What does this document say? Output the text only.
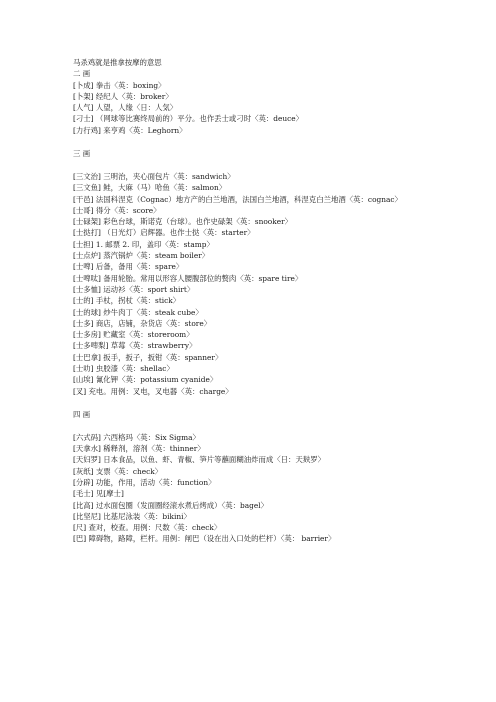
马杀鸡就是推拿按摩的意思
二 画
[卜成] 拳击〈英：boxing〉
[卜架] 经纪人〈英：broker〉
[人气] 人望，人缘〈日：人気〉
[刁士] （网球等比赛终局前的）平分。也作丢士或刁时〈英：deuce〉
[力行鸡] 来亨鸡〈英：Leghorn〉
三 画
[三文治] 三明治，夹心面包片〈英：sandwich〉
[三文鱼] 鲑，大麻（马）哈鱼〈英：salmon〉
[干邑] 法国科涅克（Cognac）地方产的白兰地酒，法国白兰地酒，科涅克白兰地酒〈英：cognac〉
[士哥] 得分〈英：score〉
[士碌架] 彩色台球，斯诺克（台球）。也作史碌架〈英：snooker〉
[士挞打] （日光灯）启辉器。也作士挞〈英：starter〉
[士担] 1. 邮票 2. 印，盖印〈英：stamp〉
[士点炉] 蒸汽锅炉〈英：steam boiler〉
[士啤] 后备，备用〈英：spare〉
[士啤呔] 备用轮胎。常用以形容人腰腹部位的赘肉〈英：spare tire〉
[士多恤] 运动衫〈英：sport shirt〉
[士的] 手杖，拐杖〈英：stick〉
[士的球] 炒牛肉丁〈英：steak cube〉
[士多] 商店，店铺，杂货店〈英：store〉
[士多房] 贮藏室〈英：storeroom〉
[士多啤梨] 草莓〈英：strawberry〉
[士巴拿] 扳手，扳子，扳钳〈英：spanner〉
[士叻] 虫胶漆〈英：shellac〉
[山埃] 氰化钾〈英：potassium cyanide〉
[叉] 充电。用例：叉电，叉电器〈英：charge〉
四 画
[六式码] 六西格玛〈英：Six Sigma〉
[天拿水] 稀释剂，溶剂〈英：thinner〉
[天妇罗] 日本食品，以鱼、虾、青椒、笋片等蘸面糊油炸而成〈日：天麸罗〉
[灰纸] 支票〈英：check〉
[分辟] 功能，作用，活动〈英：function〉
[毛士] 见[摩士]
[比高] 过水面包圈（发面圈经滚水煮后烤成）〈英：bagel〉
[比坚尼] 比基尼泳装〈英：bikini〉
[尺] 查对，校查。用例：尺数〈英：check〉
[巴] 障碍物，路障，栏杆。用例：闸巴（设在出入口处的栏杆）〈英： barrier〉
